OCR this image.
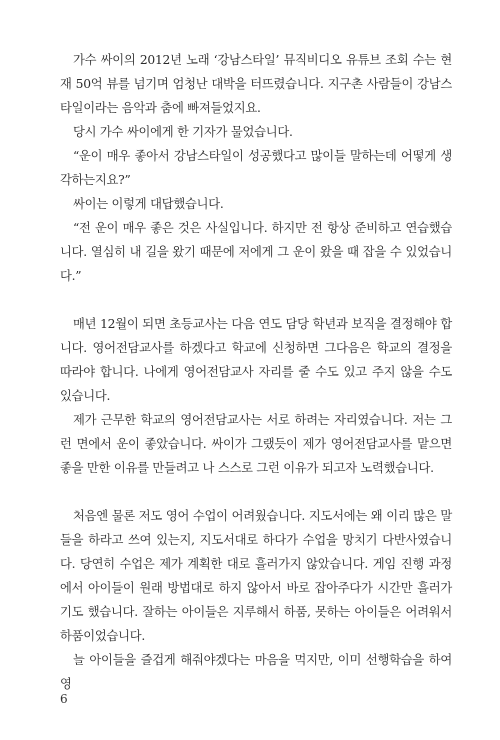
가수 싸이의 2012년 노래 ‘강남스타일’ 뮤직비디오 유튜브 조회 수는 현재 50억 뷰를 넘기며 엄청난 대박을 터뜨렸습니다. 지구촌 사람들이 강남스타일이라는 음악과 춤에 빠져들었지요.

당시 가수 싸이에게 한 기자가 물었습니다.

“운이 매우 좋아서 강남스타일이 성공했다고 많이들 말하는데 어떻게 생각하는지요?”

싸이는 이렇게 대답했습니다.

“전 운이 매우 좋은 것은 사실입니다. 하지만 전 항상 준비하고 연습했습니다. 열심히 내 길을 왔기 때문에 저에게 그 운이 왔을 때 잡을 수 있었습니다.”

매년 12월이 되면 초등교사는 다음 연도 담당 학년과 보직을 결정해야 합니다. 영어전담교사를 하겠다고 학교에 신청하면 그다음은 학교의 결정을 따라야 합니다. 나에게 영어전담교사 자리를 줄 수도 있고 주지 않을 수도 있습니다.

제가 근무한 학교의 영어전담교사는 서로 하려는 자리였습니다. 저는 그런 면에서 운이 좋았습니다. 싸이가 그랬듯이 제가 영어전담교사를 맡으면 좋을 만한 이유를 만들려고 나 스스로 그런 이유가 되고자 노력했습니다.

처음엔 물론 저도 영어 수업이 어려웠습니다. 지도서에는 왜 이리 많은 말들을 하라고 쓰여 있는지, 지도서대로 하다가 수업을 망치기 다반사였습니다. 당연히 수업은 제가 계획한 대로 흘러가지 않았습니다. 게임 진행 과정에서 아이들이 원래 방법대로 하지 않아서 바로 잡아주다가 시간만 흘러가기도 했습니다. 잘하는 아이들은 지루해서 하품, 못하는 아이들은 어려워서 하품이었습니다.

늘 아이들을 즐겁게 해줘야겠다는 마음을 먹지만, 이미 선행학습을 하여 영

6
